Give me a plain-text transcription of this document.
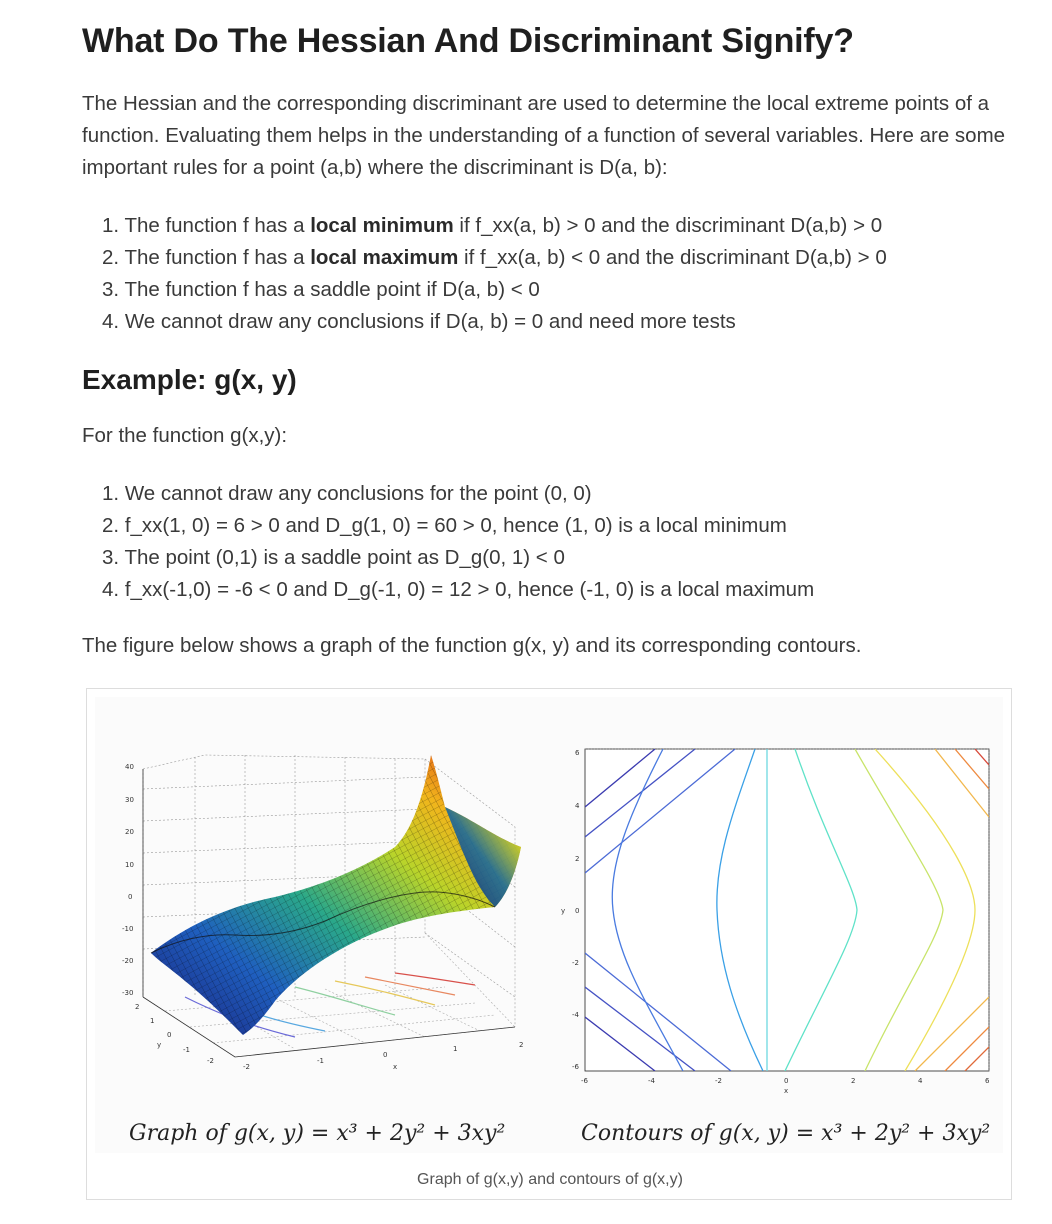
What Do The Hessian And Discriminant Signify?

The Hessian and the corresponding discriminant are used to determine the local extreme points of a function. Evaluating them helps in the understanding of a function of several variables. Here are some important rules for a point (a,b) where the discriminant is D(a, b):

1. The function f has a local minimum if f_xx(a, b) > 0 and the discriminant D(a,b) > 0
2. The function f has a local maximum if f_xx(a, b) < 0 and the discriminant D(a,b) > 0
3. The function f has a saddle point if D(a, b) < 0
4. We cannot draw any conclusions if D(a, b) = 0 and need more tests
Example: g(x, y)

For the function g(x,y):

1. We cannot draw any conclusions for the point (0, 0)
2. f_xx(1, 0) = 6 > 0 and D_g(1, 0) = 60 > 0, hence (1, 0) is a local minimum
3. The point (0,1) is a saddle point as D_g(0, 1) < 0
4. f_xx(-1,0) = -6 < 0 and D_g(-1, 0) = 12 > 0, hence (-1, 0) is a local maximum

The figure below shows a graph of the function g(x, y) and its corresponding contours.

40
30
20
10
0
-10
-20
-30
2
1
0
-1
-2
y
-2
-1
0
1	2
x
6
4
2
0
-2
-4
-6
y
-6	-4	-2	0	2	4	6
x
Graph of g(x, y) = x³ + 2y² + 3xy²	Contours of g(x, y) = x³ + 2y² + 3xy²
Graph of g(x,y) and contours of g(x,y)
